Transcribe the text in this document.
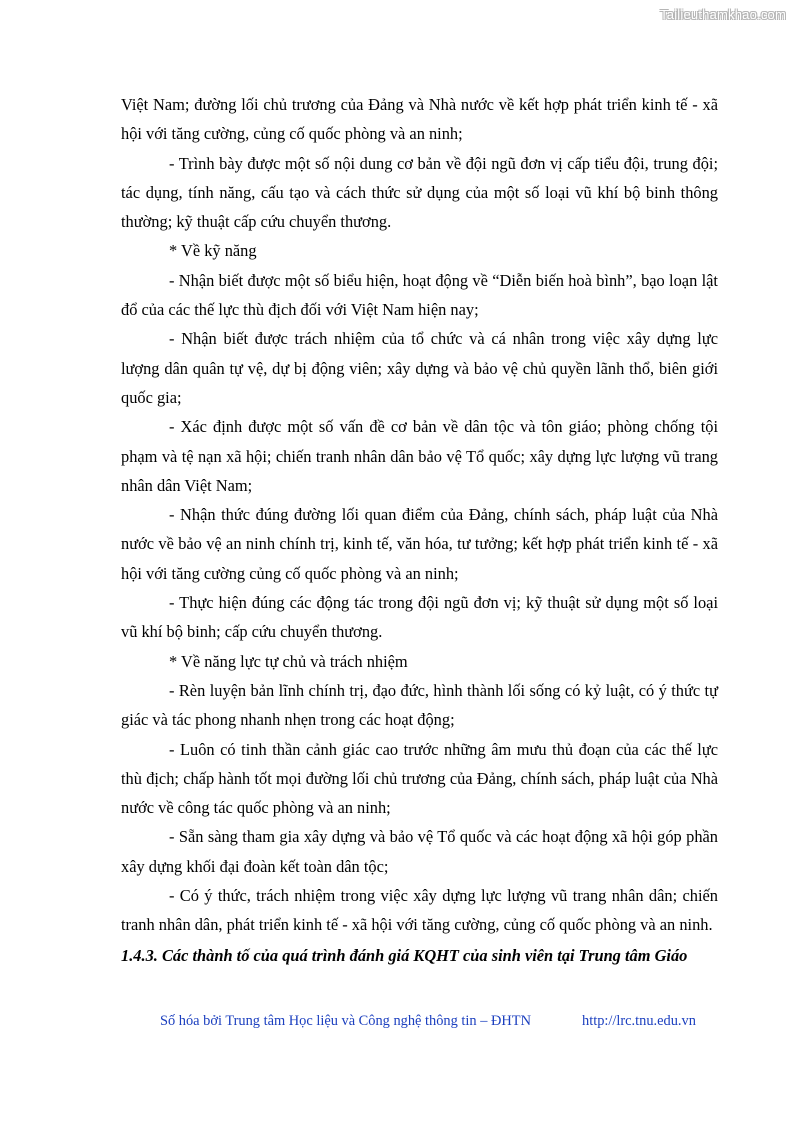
Tailieuthamkhao.com

Việt Nam; đường lối chủ trương của Đảng và Nhà nước về kết hợp phát triển kinh tế - xã hội với tăng cường, củng cố quốc phòng và an ninh;

- Trình bày được một số nội dung cơ bản về đội ngũ đơn vị cấp tiểu đội, trung đội; tác dụng, tính năng, cấu tạo và cách thức sử dụng của một số loại vũ khí bộ binh thông thường; kỹ thuật cấp cứu chuyển thương.

* Về kỹ năng

- Nhận biết được một số biểu hiện, hoạt động về “Diễn biến hoà bình”, bạo loạn lật đổ của các thế lực thù địch đối với Việt Nam hiện nay;

- Nhận biết được trách nhiệm của tổ chức và cá nhân trong việc xây dựng lực lượng dân quân tự vệ, dự bị động viên; xây dựng và bảo vệ chủ quyền lãnh thổ, biên giới quốc gia;

- Xác định được một số vấn đề cơ bản về dân tộc và tôn giáo; phòng chống tội phạm và tệ nạn xã hội; chiến tranh nhân dân bảo vệ Tổ quốc; xây dựng lực lượng vũ trang nhân dân Việt Nam;

- Nhận thức đúng đường lối quan điểm của Đảng, chính sách, pháp luật của Nhà nước về bảo vệ an ninh chính trị, kinh tế, văn hóa, tư tưởng; kết hợp phát triển kinh tế - xã hội với tăng cường củng cố quốc phòng và an ninh;

- Thực hiện đúng các động tác trong đội ngũ đơn vị; kỹ thuật sử dụng một số loại vũ khí bộ binh; cấp cứu chuyển thương.

* Về năng lực tự chủ và trách nhiệm

- Rèn luyện bản lĩnh chính trị, đạo đức, hình thành lối sống có kỷ luật, có ý thức tự giác và tác phong nhanh nhẹn trong các hoạt động;

- Luôn có tinh thần cảnh giác cao trước những âm mưu thủ đoạn của các thế lực thù địch; chấp hành tốt mọi đường lối chủ trương của Đảng, chính sách, pháp luật của Nhà nước về công tác quốc phòng và an ninh;

- Sẵn sàng tham gia xây dựng và bảo vệ Tổ quốc và các hoạt động xã hội góp phần xây dựng khối đại đoàn kết toàn dân tộc;

- Có ý thức, trách nhiệm trong việc xây dựng lực lượng vũ trang nhân dân; chiến tranh nhân dân, phát triển kinh tế - xã hội với tăng cường, củng cố quốc phòng và an ninh.

1.4.3. Các thành tố của quá trình đánh giá KQHT của sinh viên tại Trung tâm Giáo

Số hóa bởi Trung tâm Học liệu và Công nghệ thông tin – ĐHTN	http://lrc.tnu.edu.vn
